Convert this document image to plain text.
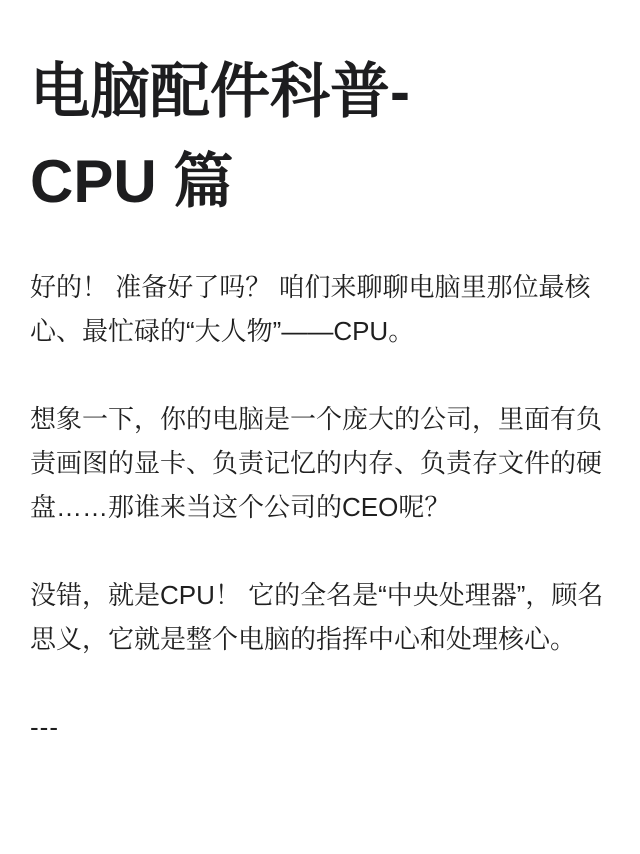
电脑配件科普-
CPU 篇

好的！ 准备好了吗？ 咱们来聊聊电脑里那位最核心、最忙碌的“大人物”——CPU。

想象一下，你的电脑是一个庞大的公司，里面有负责画图的显卡、负责记忆的内存、负责存文件的硬盘……那谁来当这个公司的CEO呢？

没错，就是CPU！ 它的全名是“中央处理器”，顾名思义，它就是整个电脑的指挥中心和处理核心。

---
